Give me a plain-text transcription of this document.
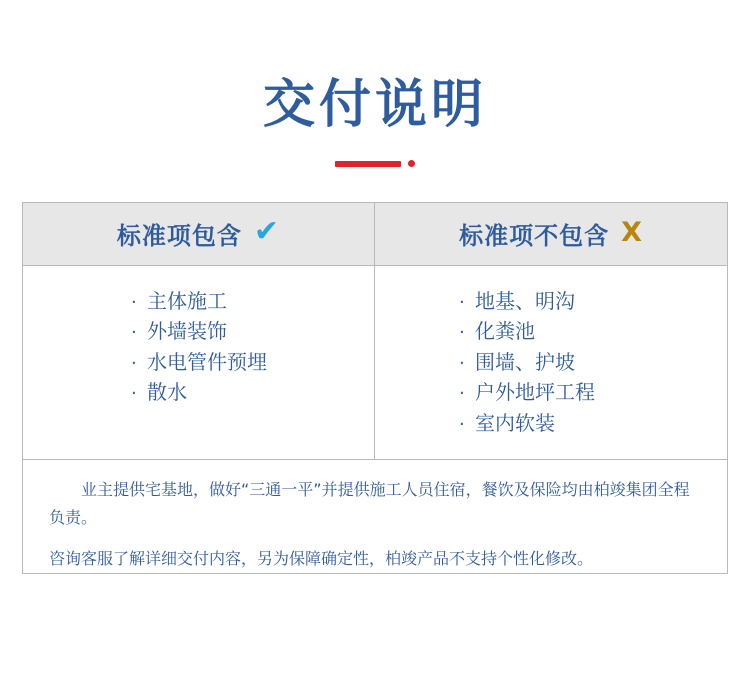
交付说明
标准项包含 ✔	标准项不包含 X
· 主体施工
· 外墙装饰
· 水电管件预埋
· 散水
· 地基、明沟
· 化粪池
· 围墙、护坡
· 户外地坪工程
· 室内软装

业主提供宅基地，做好“三通一平”并提供施工人员住宿，餐饮及保险均由柏竣集团全程负责。

咨询客服了解详细交付内容，另为保障确定性，柏竣产品不支持个性化修改。
